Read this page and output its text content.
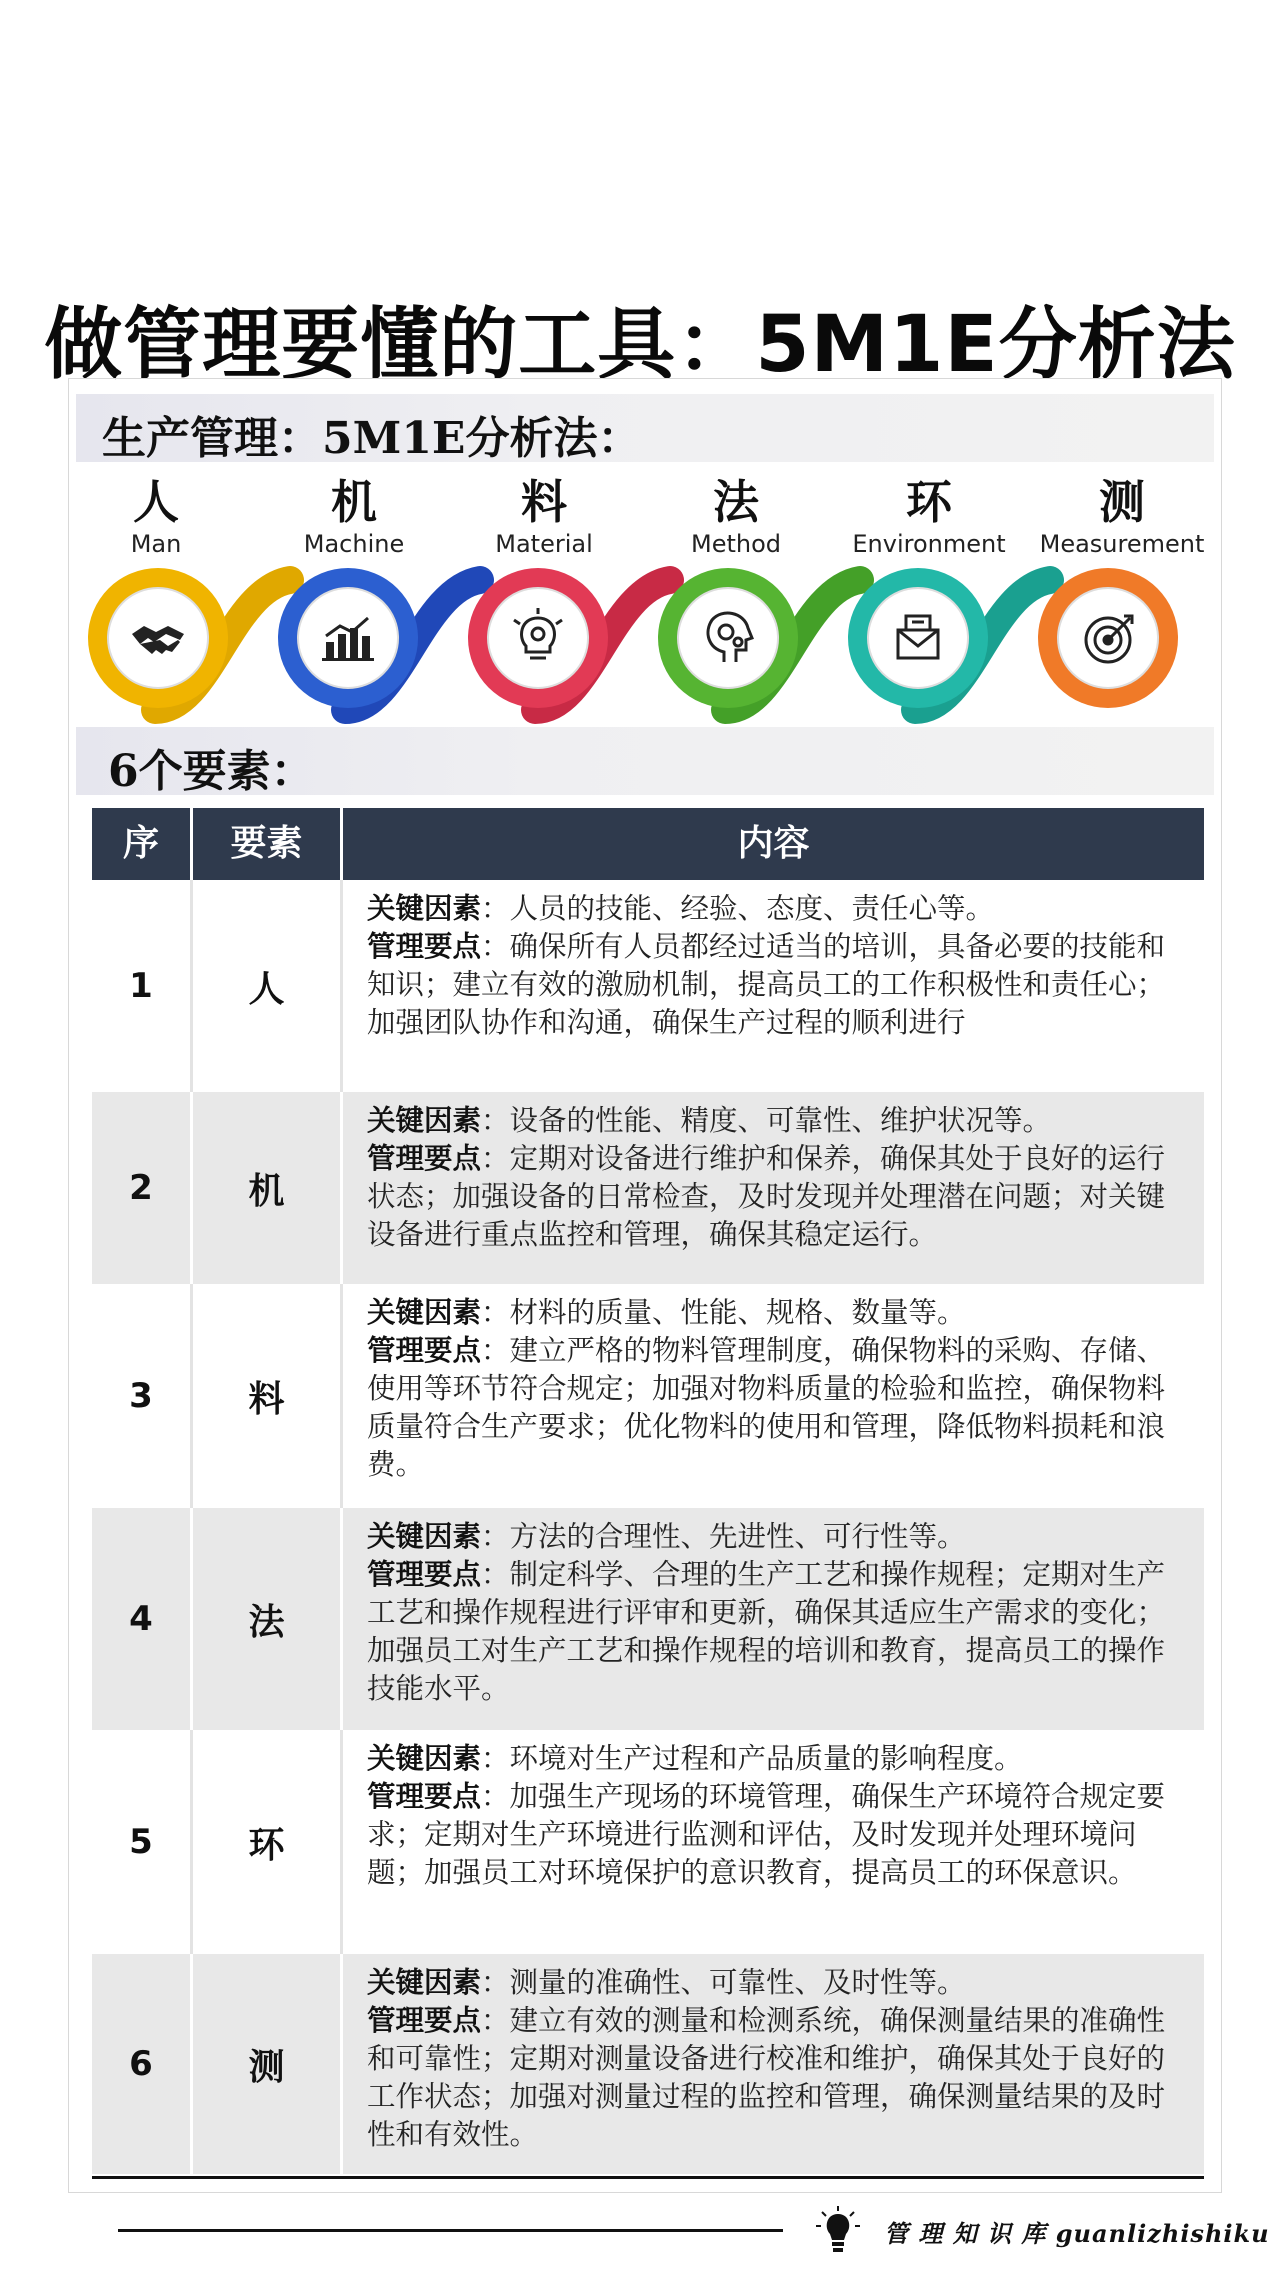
做管理要懂的工具：5M1E分析法
生产管理：5M1E分析法：
人
Man
机
Machine
料
Material
法
Method
环
Environment
测
Measurement
6个要素：
序	要素	内容
1	人
关键因素：人员的技能、经验、态度、责任心等。
管理要点：确保所有人员都经过适当的培训，具备必要的技能和知识；建立有效的激励机制，提高员工的工作积极性和责任心；加强团队协作和沟通，确保生产过程的顺利进行
2	机
关键因素：设备的性能、精度、可靠性、维护状况等。
管理要点：定期对设备进行维护和保养，确保其处于良好的运行状态；加强设备的日常检查，及时发现并处理潜在问题；对关键设备进行重点监控和管理，确保其稳定运行。
3	料
关键因素：材料的质量、性能、规格、数量等。
管理要点：建立严格的物料管理制度，确保物料的采购、存储、使用等环节符合规定；加强对物料质量的检验和监控，确保物料质量符合生产要求；优化物料的使用和管理，降低物料损耗和浪费。
4	法
关键因素：方法的合理性、先进性、可行性等。
管理要点：制定科学、合理的生产工艺和操作规程；定期对生产工艺和操作规程进行评审和更新，确保其适应生产需求的变化；加强员工对生产工艺和操作规程的培训和教育，提高员工的操作技能水平。
5	环
关键因素：环境对生产过程和产品质量的影响程度。
管理要点：加强生产现场的环境管理，确保生产环境符合规定要求；定期对生产环境进行监测和评估，及时发现并处理环境问题；加强员工对环境保护的意识教育，提高员工的环保意识。
6	测
关键因素：测量的准确性、可靠性、及时性等。
管理要点：建立有效的测量和检测系统，确保测量结果的准确性和可靠性；定期对测量设备进行校准和维护，确保其处于良好的工作状态；加强对测量过程的监控和管理，确保测量结果的及时性和有效性。
管 理 知 识 库 guanlizhishiku
